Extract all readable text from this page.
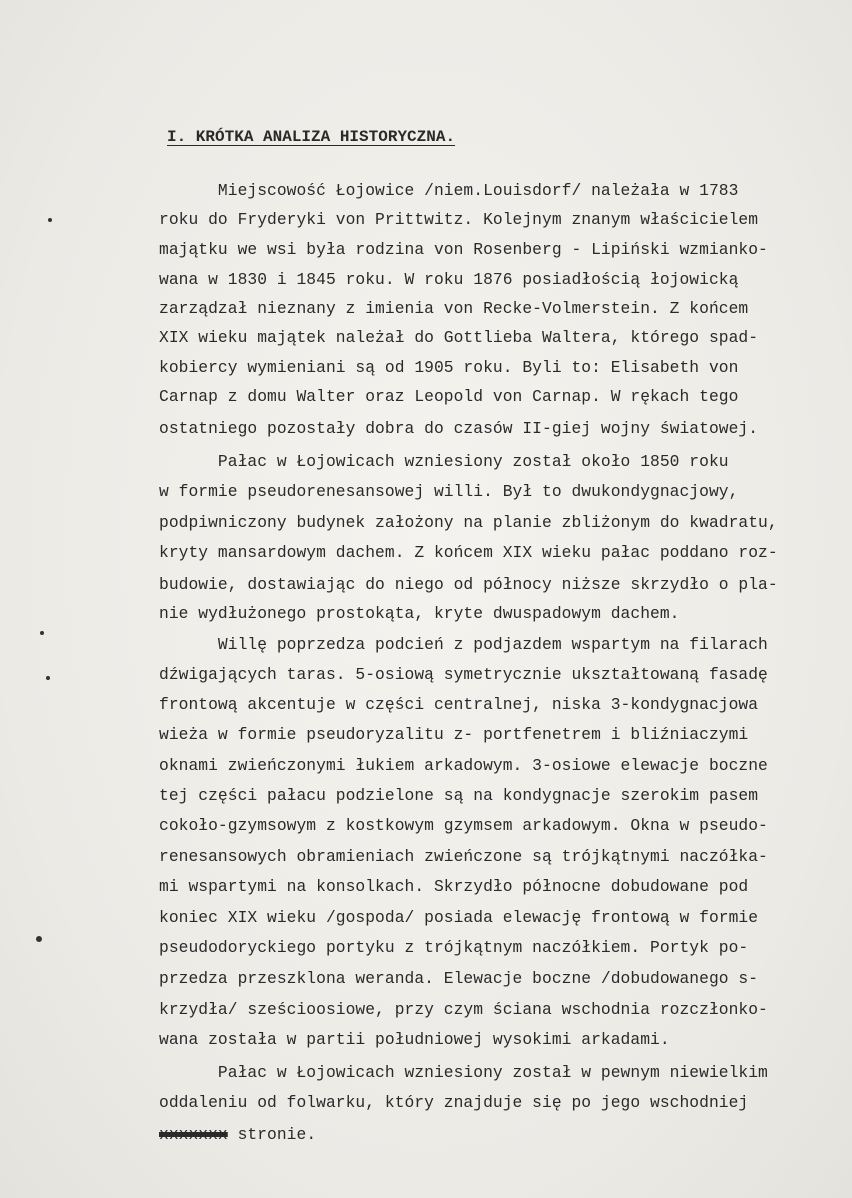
I. KRÓTKA ANALIZA HISTORYCZNA.
Miejscowość Łojowice /niem.Louisdorf/ należała w 1783
roku do Fryderyki von Prittwitz. Kolejnym znanym właścicielem
majątku we wsi była rodzina von Rosenberg - Lipiński wzmianko-
wana w 1830 i 1845 roku. W roku 1876 posiadłością łojowicką
zarządzał nieznany z imienia von Recke-Volmerstein. Z końcem
XIX wieku majątek należał do Gottlieba Waltera, którego spad-
kobiercy wymieniani są od 1905 roku. Byli to: Elisabeth von
Carnap z domu Walter oraz Leopold von Carnap. W rękach tego
ostatniego pozostały dobra do czasów II-giej wojny światowej.
Pałac w Łojowicach wzniesiony został około 1850 roku
w formie pseudorenesansowej willi. Był to dwukondygnacjowy,
podpiwniczony budynek założony na planie zbliżonym do kwadratu,
kryty mansardowym dachem. Z końcem XIX wieku pałac poddano roz-
budowie, dostawiając do niego od północy niższe skrzydło o pla-
nie wydłużonego prostokąta, kryte dwuspadowym dachem.
Willę poprzedza podcień z podjazdem wspartym na filarach
dźwigających taras. 5-osiową symetrycznie ukształtowaną fasadę
frontową akcentuje w części centralnej, niska 3-kondygnacjowa
wieża w formie pseudoryzalitu z- portfenetrem i bliźniaczymi
oknami zwieńczonymi łukiem arkadowym. 3-osiowe elewacje boczne
tej części pałacu podzielone są na kondygnacje szerokim pasem
cokoło-gzymsowym z kostkowym gzymsem arkadowym. Okna w pseudo-
renesansowych obramieniach zwieńczone są trójkątnymi naczółka-
mi wspartymi na konsolkach. Skrzydło północne dobudowane pod
koniec XIX wieku /gospoda/ posiada elewację frontową w formie
pseudodoryckiego portyku z trójkątnym naczółkiem. Portyk po-
przedza przeszklona weranda. Elewacje boczne /dobudowanego s-
krzydła/ sześcioosiowe, przy czym ściana wschodnia rozczłonko-
wana została w partii południowej wysokimi arkadami.
Pałac w Łojowicach wzniesiony został w pewnym niewielkim
oddaleniu od folwarku, który znajduje się po jego wschodniej
xxxxxxx stronie.
